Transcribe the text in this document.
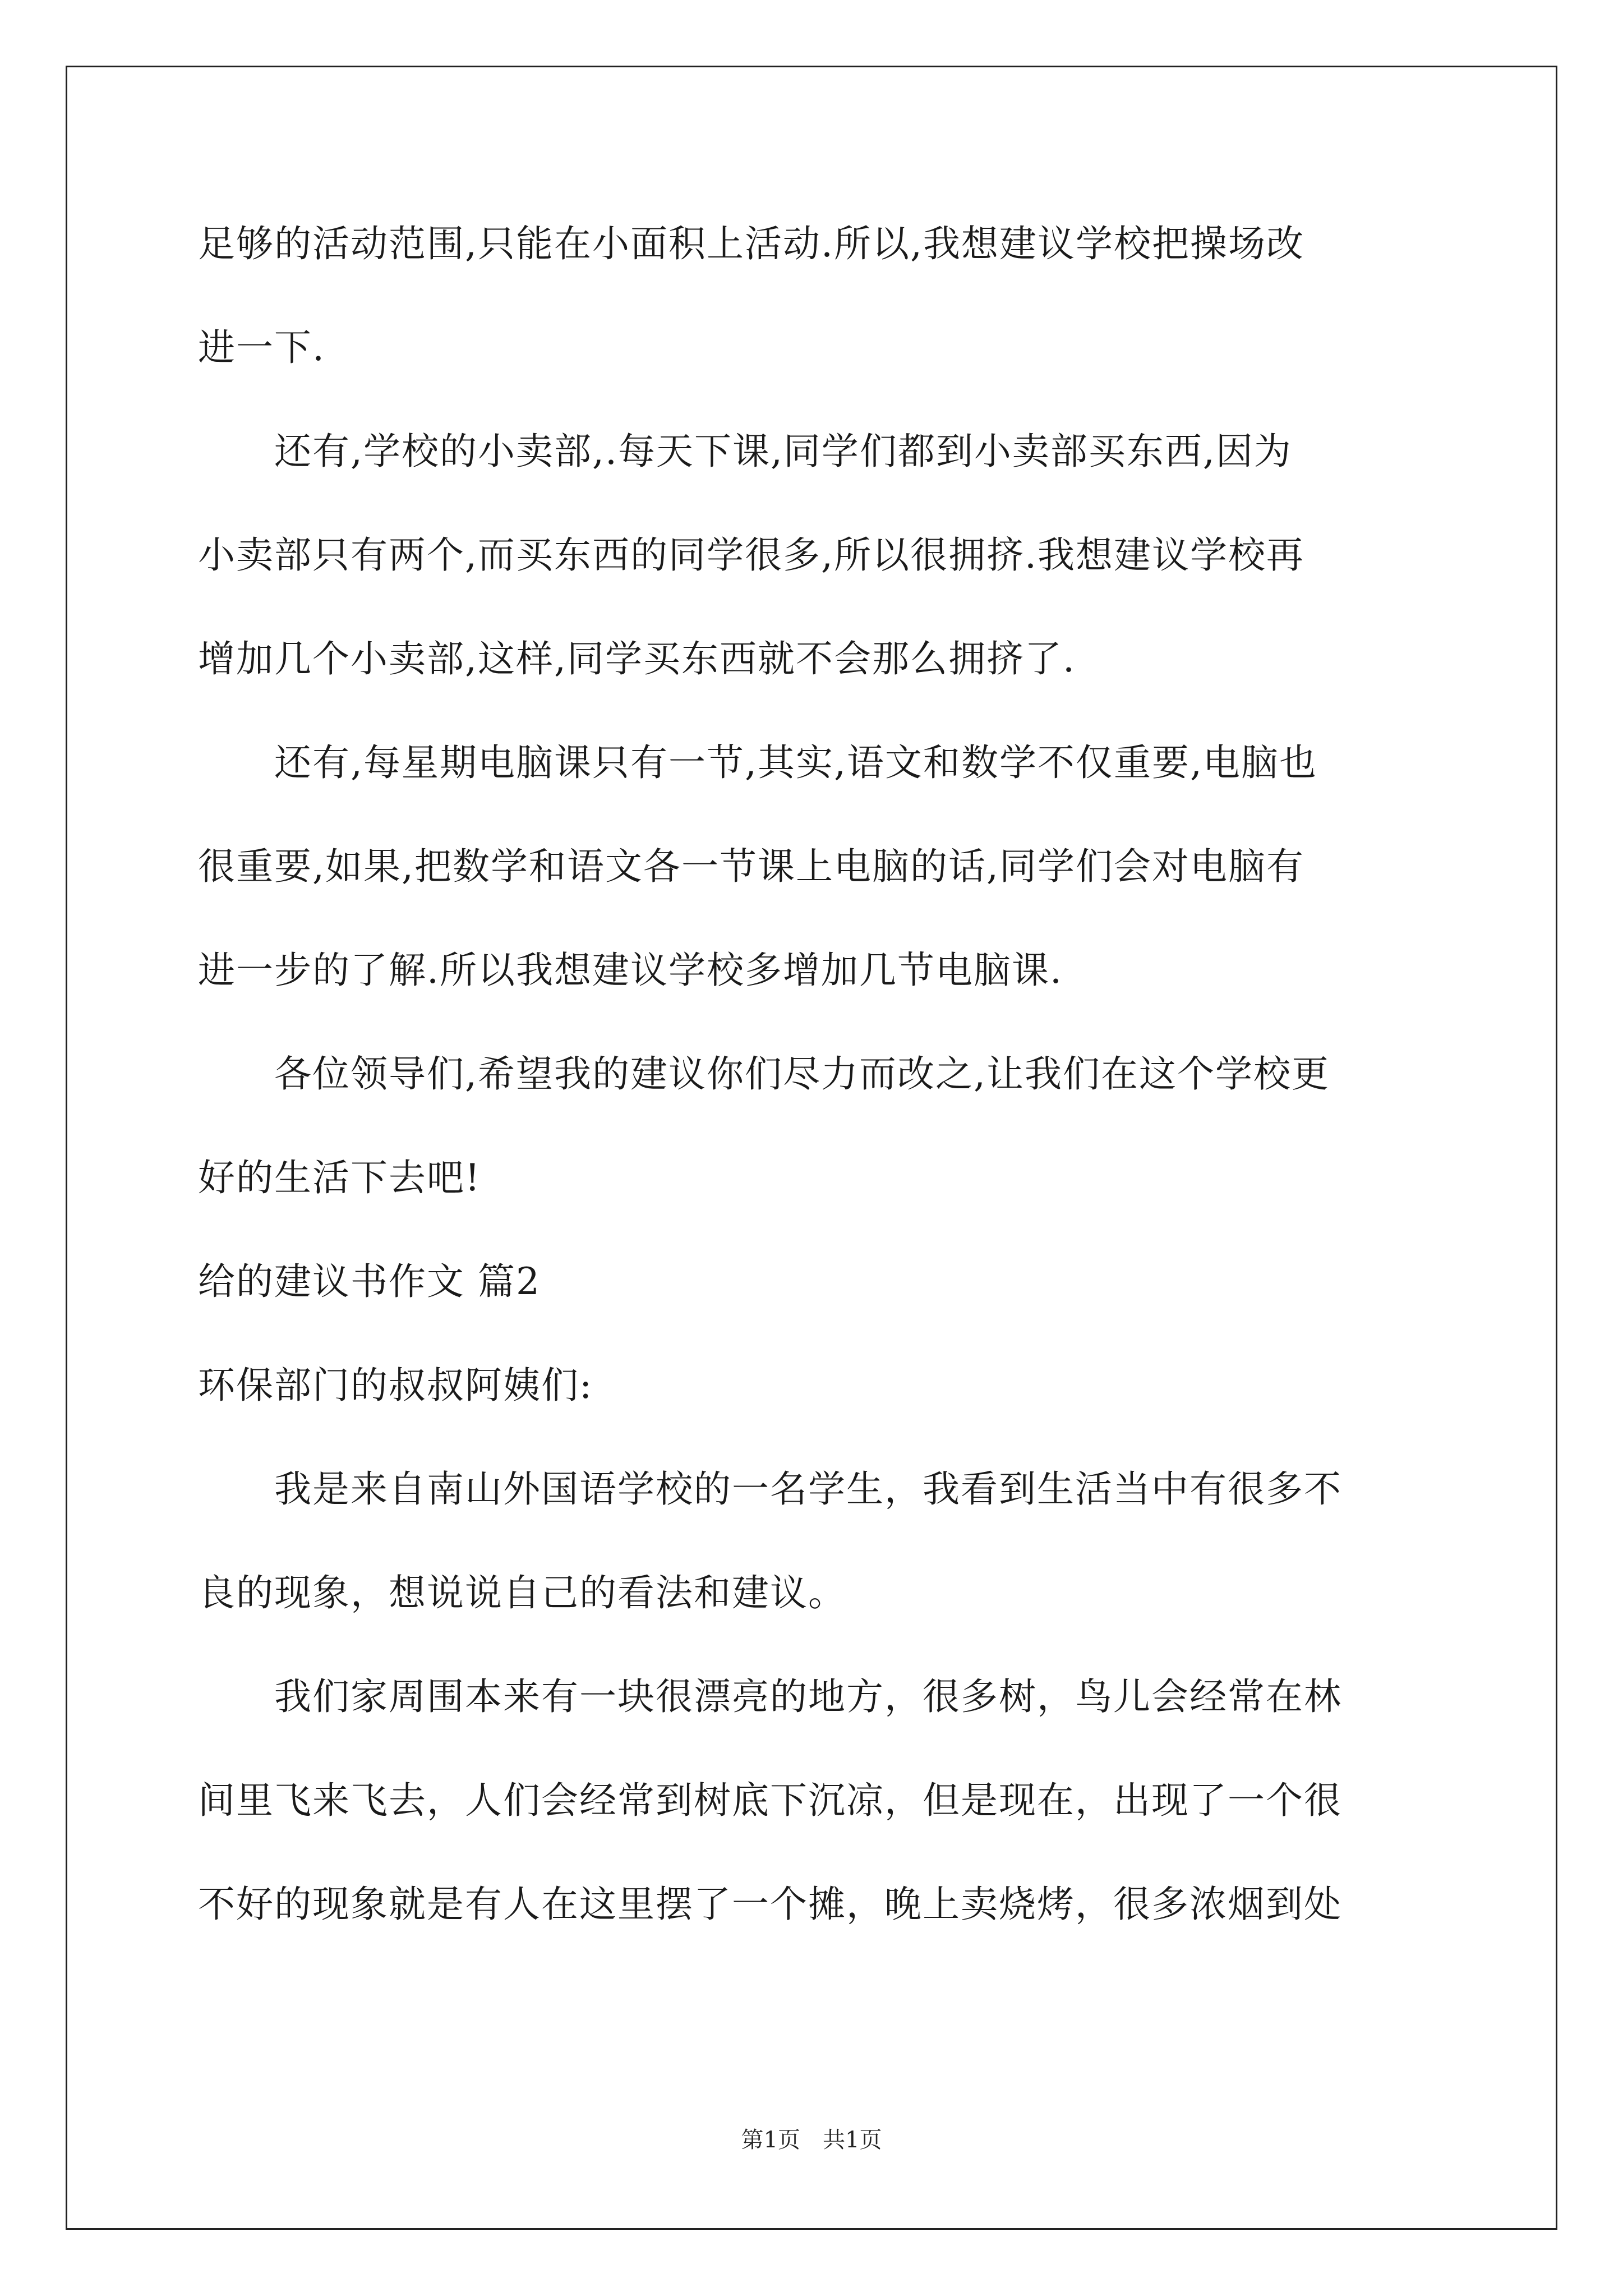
足够的活动范围,只能在小面积上活动.所以,我想建议学校把操场改
进一下.
　　还有,学校的小卖部,.每天下课,同学们都到小卖部买东西,因为
小卖部只有两个,而买东西的同学很多,所以很拥挤.我想建议学校再
增加几个小卖部,这样,同学买东西就不会那么拥挤了.
　　还有,每星期电脑课只有一节,其实,语文和数学不仅重要,电脑也
很重要,如果,把数学和语文各一节课上电脑的话,同学们会对电脑有
进一步的了解.所以我想建议学校多增加几节电脑课.
　　各位领导们,希望我的建议你们尽力而改之,让我们在这个学校更
好的生活下去吧!
给的建议书作文 篇2
环保部门的叔叔阿姨们:
　　我是来自南山外国语学校的一名学生，我看到生活当中有很多不
良的现象，想说说自己的看法和建议。
　　我们家周围本来有一块很漂亮的地方，很多树，鸟儿会经常在林
间里飞来飞去，人们会经常到树底下沉凉，但是现在，出现了一个很
不好的现象就是有人在这里摆了一个摊，晚上卖烧烤，很多浓烟到处
第1页　共1页
